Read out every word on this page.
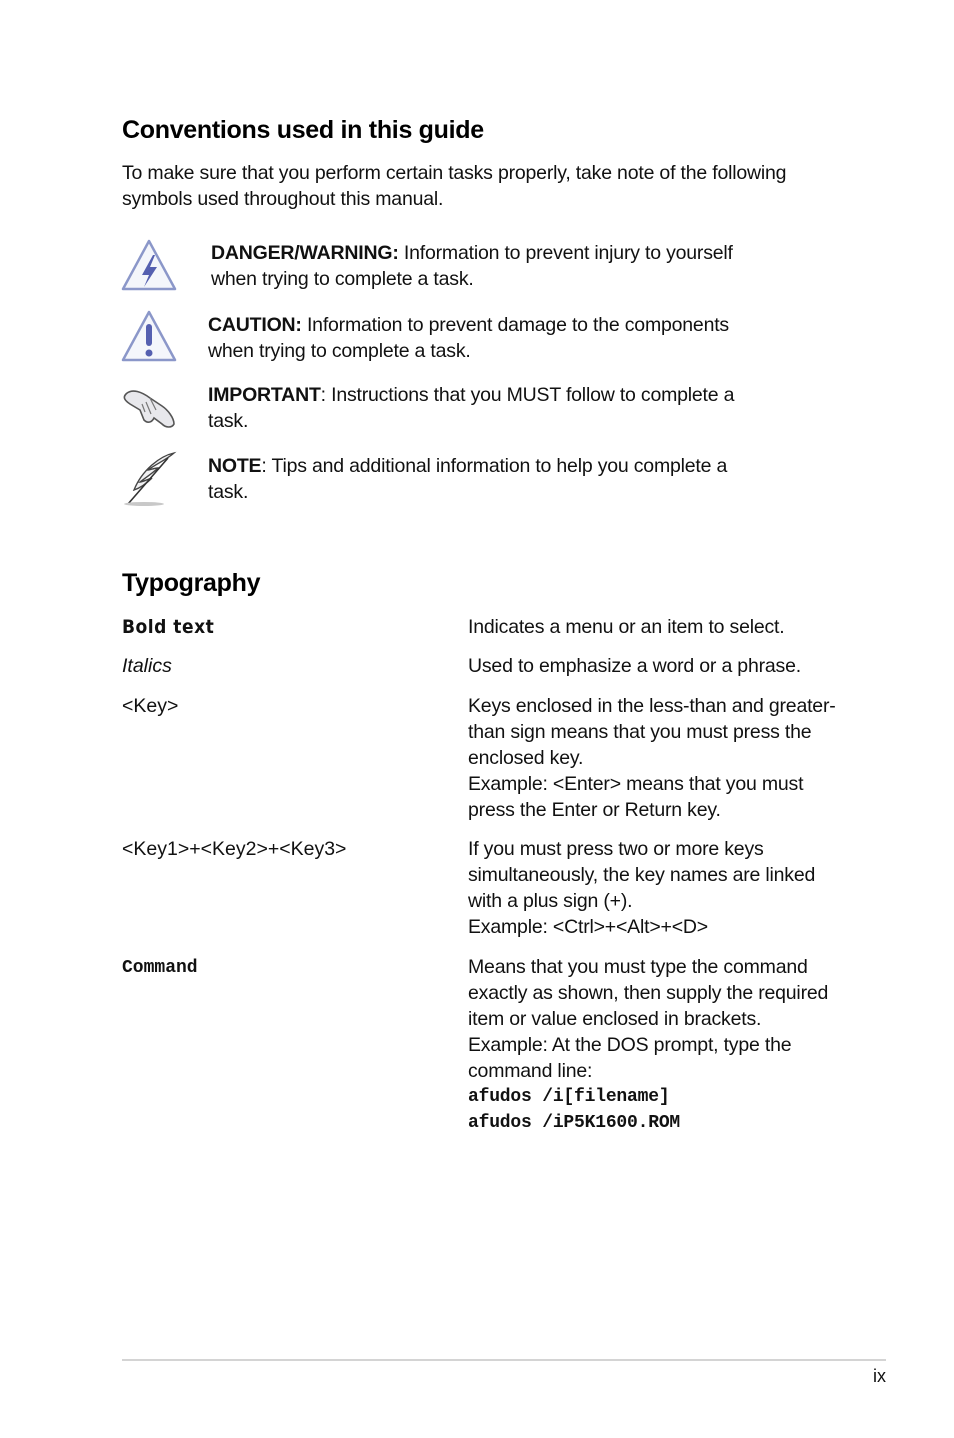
Conventions used in this guide
To make sure that you perform certain tasks properly, take note of the following symbols used throughout this manual.
DANGER/WARNING: Information to prevent injury to yourself when trying to complete a task.
CAUTION: Information to prevent damage to the components when trying to complete a task.
IMPORTANT: Instructions that you MUST follow to complete a task.
NOTE: Tips and additional information to help you complete a task.
Typography
Bold text	Indicates a menu or an item to select.
Italics	Used to emphasize a word or a phrase.
<Key>	Keys enclosed in the less-than and greater-than sign means that you must press the enclosed key.
Example: <Enter> means that you must press the Enter or Return key.
<Key1>+<Key2>+<Key3>	If you must press two or more keys simultaneously, the key names are linked with a plus sign (+).
Example: <Ctrl>+<Alt>+<D>
Command	Means that you must type the command exactly as shown, then supply the required item or value enclosed in brackets.
Example: At the DOS prompt, type the command line:
afudos /i[filename]
afudos /iP5K1600.ROM
ix
